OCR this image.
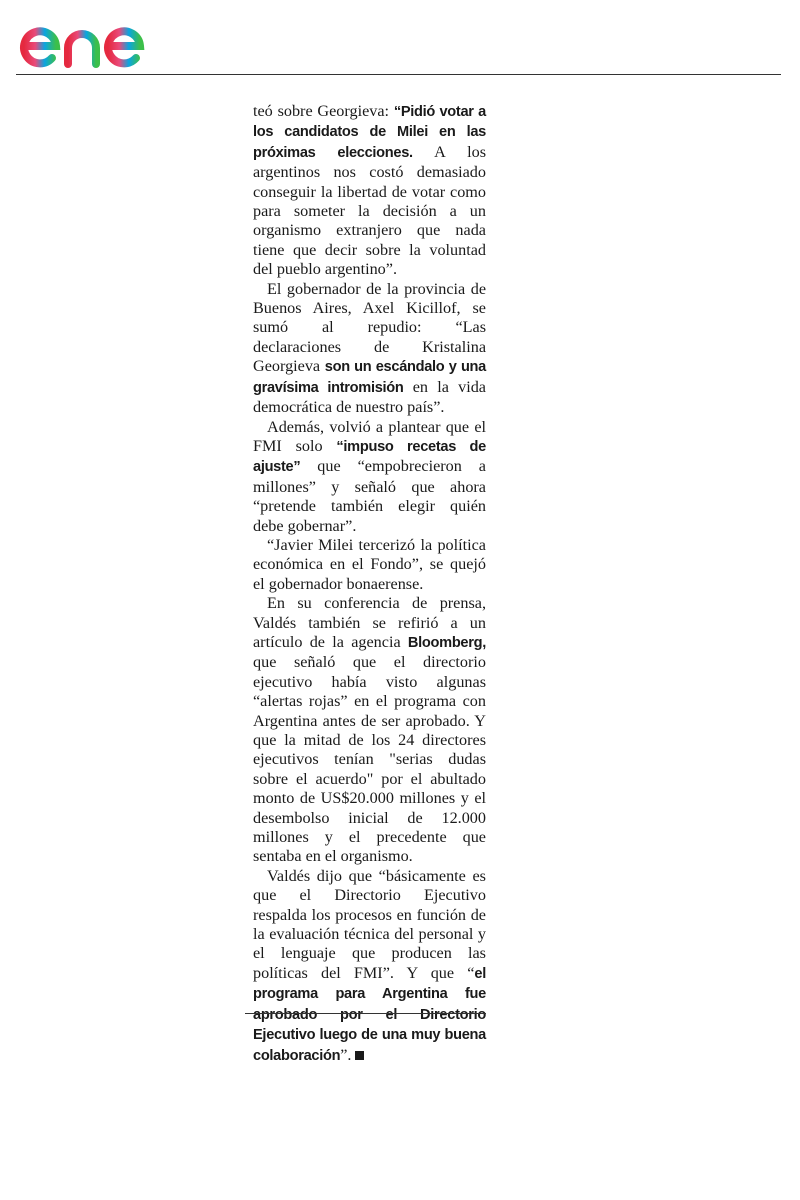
teó sobre Georgieva: “Pidió votar a los candidatos de Milei en las próximas elecciones. A los argentinos nos costó demasiado conseguir la libertad de votar como para someter la decisión a un organismo extranjero que nada tiene que decir sobre la voluntad del pueblo argentino”.

El gobernador de la provincia de Buenos Aires, Axel Kicillof, se sumó al repudio: “Las declaraciones de Kristalina Georgieva son un escándalo y una gravísima intromisión en la vida democrática de nuestro país”.

Además, volvió a plantear que el FMI solo “impuso recetas de ajuste” que “empobrecieron a millones” y señaló que ahora “pretende también elegir quién debe gobernar”.

“Javier Milei tercerizó la política económica en el Fondo”, se quejó el gobernador bonaerense.

En su conferencia de prensa, Valdés también se refirió a un artículo de la agencia Bloomberg, que señaló que el directorio ejecutivo había visto algunas “alertas rojas” en el programa con Argentina antes de ser aprobado. Y que la mitad de los 24 directores ejecutivos tenían "serias dudas sobre el acuerdo" por el abultado monto de US$20.000 millones y el desembolso inicial de 12.000 millones y el precedente que sentaba en el organismo.

Valdés dijo que “básicamente es que el Directorio Ejecutivo respalda los procesos en función de la evaluación técnica del personal y el lenguaje que producen las políticas del FMI”. Y que “el programa para Argentina fue aprobado por el Directorio Ejecutivo luego de una muy buena colaboración”.
